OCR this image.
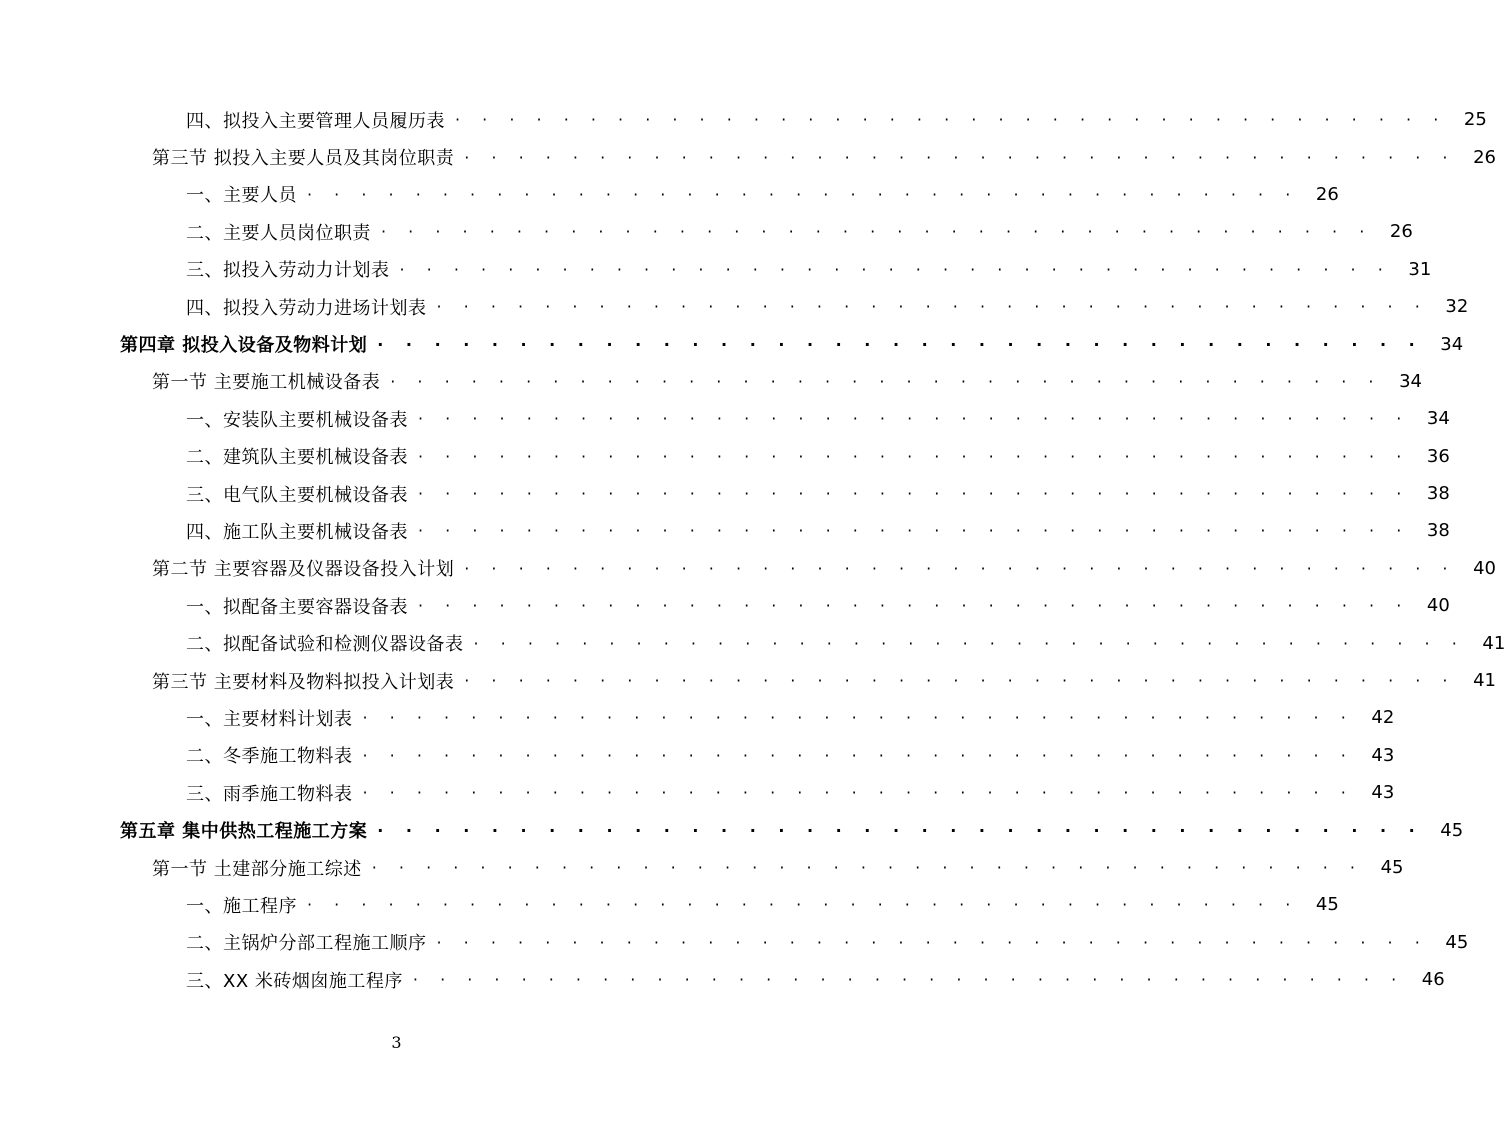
四、拟投入主要管理人员履历表 · · · · · · · · · · · · · · · · · · · · · · · · · · · · · · · · · · · · · 25
第三节 拟投入主要人员及其岗位职责 · · · · · · · · · · · · · · · · · · · · · · · · · · · · · · · · · · · · · 26
一、主要人员 · · · · · · · · · · · · · · · · · · · · · · · · · · · · · · · · · · · · · 26
二、主要人员岗位职责 · · · · · · · · · · · · · · · · · · · · · · · · · · · · · · · · · · · · · 26
三、拟投入劳动力计划表 · · · · · · · · · · · · · · · · · · · · · · · · · · · · · · · · · · · · · 31
四、拟投入劳动力进场计划表 · · · · · · · · · · · · · · · · · · · · · · · · · · · · · · · · · · · · · 32
第四章 拟投入设备及物料计划 · · · · · · · · · · · · · · · · · · · · · · · · · · · · · · · · · · · · · 34
第一节 主要施工机械设备表 · · · · · · · · · · · · · · · · · · · · · · · · · · · · · · · · · · · · · 34
一、安装队主要机械设备表 · · · · · · · · · · · · · · · · · · · · · · · · · · · · · · · · · · · · · 34
二、建筑队主要机械设备表 · · · · · · · · · · · · · · · · · · · · · · · · · · · · · · · · · · · · · 36
三、电气队主要机械设备表 · · · · · · · · · · · · · · · · · · · · · · · · · · · · · · · · · · · · · 38
四、施工队主要机械设备表 · · · · · · · · · · · · · · · · · · · · · · · · · · · · · · · · · · · · · 38
第二节 主要容器及仪器设备投入计划 · · · · · · · · · · · · · · · · · · · · · · · · · · · · · · · · · · · · · 40
一、拟配备主要容器设备表 · · · · · · · · · · · · · · · · · · · · · · · · · · · · · · · · · · · · · 40
二、拟配备试验和检测仪器设备表 · · · · · · · · · · · · · · · · · · · · · · · · · · · · · · · · · · · · · 41
第三节 主要材料及物料拟投入计划表 · · · · · · · · · · · · · · · · · · · · · · · · · · · · · · · · · · · · · 41
一、主要材料计划表 · · · · · · · · · · · · · · · · · · · · · · · · · · · · · · · · · · · · · 42
二、冬季施工物料表 · · · · · · · · · · · · · · · · · · · · · · · · · · · · · · · · · · · · · 43
三、雨季施工物料表 · · · · · · · · · · · · · · · · · · · · · · · · · · · · · · · · · · · · · 43
第五章 集中供热工程施工方案 · · · · · · · · · · · · · · · · · · · · · · · · · · · · · · · · · · · · · 45
第一节 土建部分施工综述 · · · · · · · · · · · · · · · · · · · · · · · · · · · · · · · · · · · · · 45
一、施工程序 · · · · · · · · · · · · · · · · · · · · · · · · · · · · · · · · · · · · · 45
二、主锅炉分部工程施工顺序 · · · · · · · · · · · · · · · · · · · · · · · · · · · · · · · · · · · · · 45
三、XX 米砖烟囱施工程序 · · · · · · · · · · · · · · · · · · · · · · · · · · · · · · · · · · · · · 46
3
